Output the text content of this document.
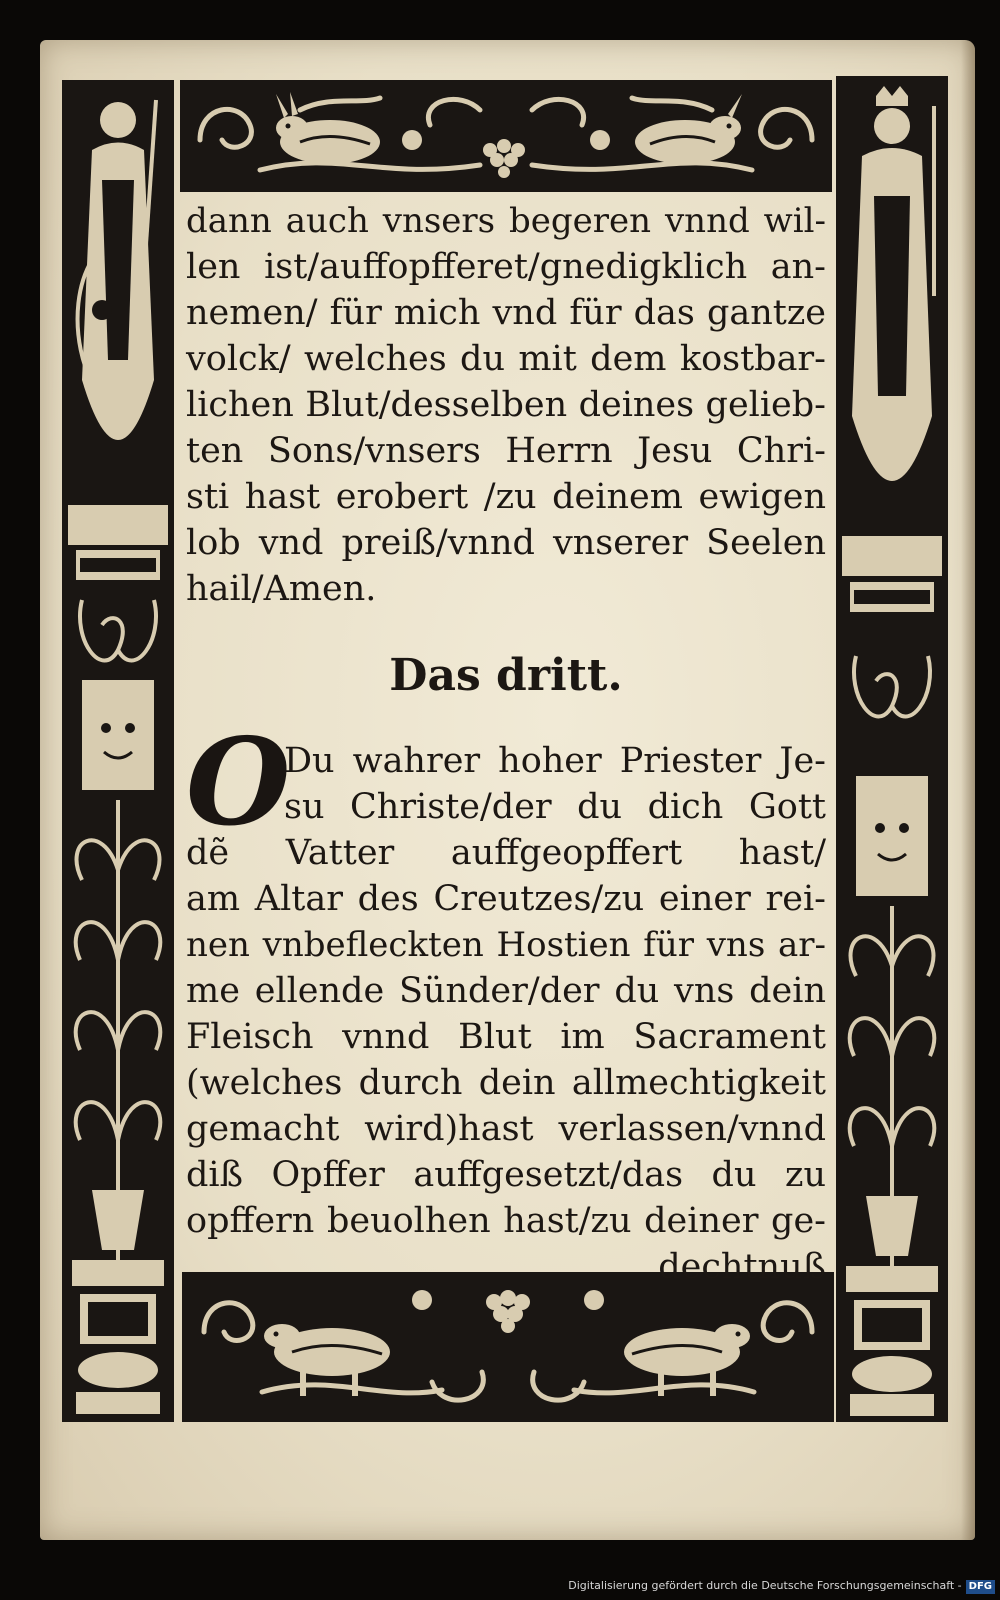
dann auch vnsers begeren vnnd wil-
len ist/auffopfferet/gnedigklich an-
nemen/ für mich vnd für das gantze
volck/ welches du mit dem kostbar-
lichen Blut/desselben deines gelieb-
ten Sons/vnsers Herrn Jesu Chri-
sti hast erobert /zu deinem ewigen
lob vnd preiß/vnnd vnserer Seelen
hail/Amen.
Das dritt.
Du wahrer hoher Priester Je-
su Christe/der du dich Gott
dẽ Vatter auffgeopffert hast/
am Altar des Creutzes/zu einer rei-
nen vnbefleckten Hostien für vns ar-
me ellende Sünder/der du vns dein
Fleisch vnnd Blut im Sacrament
(welches durch dein allmechtigkeit
gemacht wird)hast verlassen/vnnd
diß Opffer auffgesetzt/das du zu
opffern beuolhen hast/zu deiner ge-
dechtnuß
O
Digitalisierung gefördert durch die Deutsche Forschungsgemeinschaft - DFG
